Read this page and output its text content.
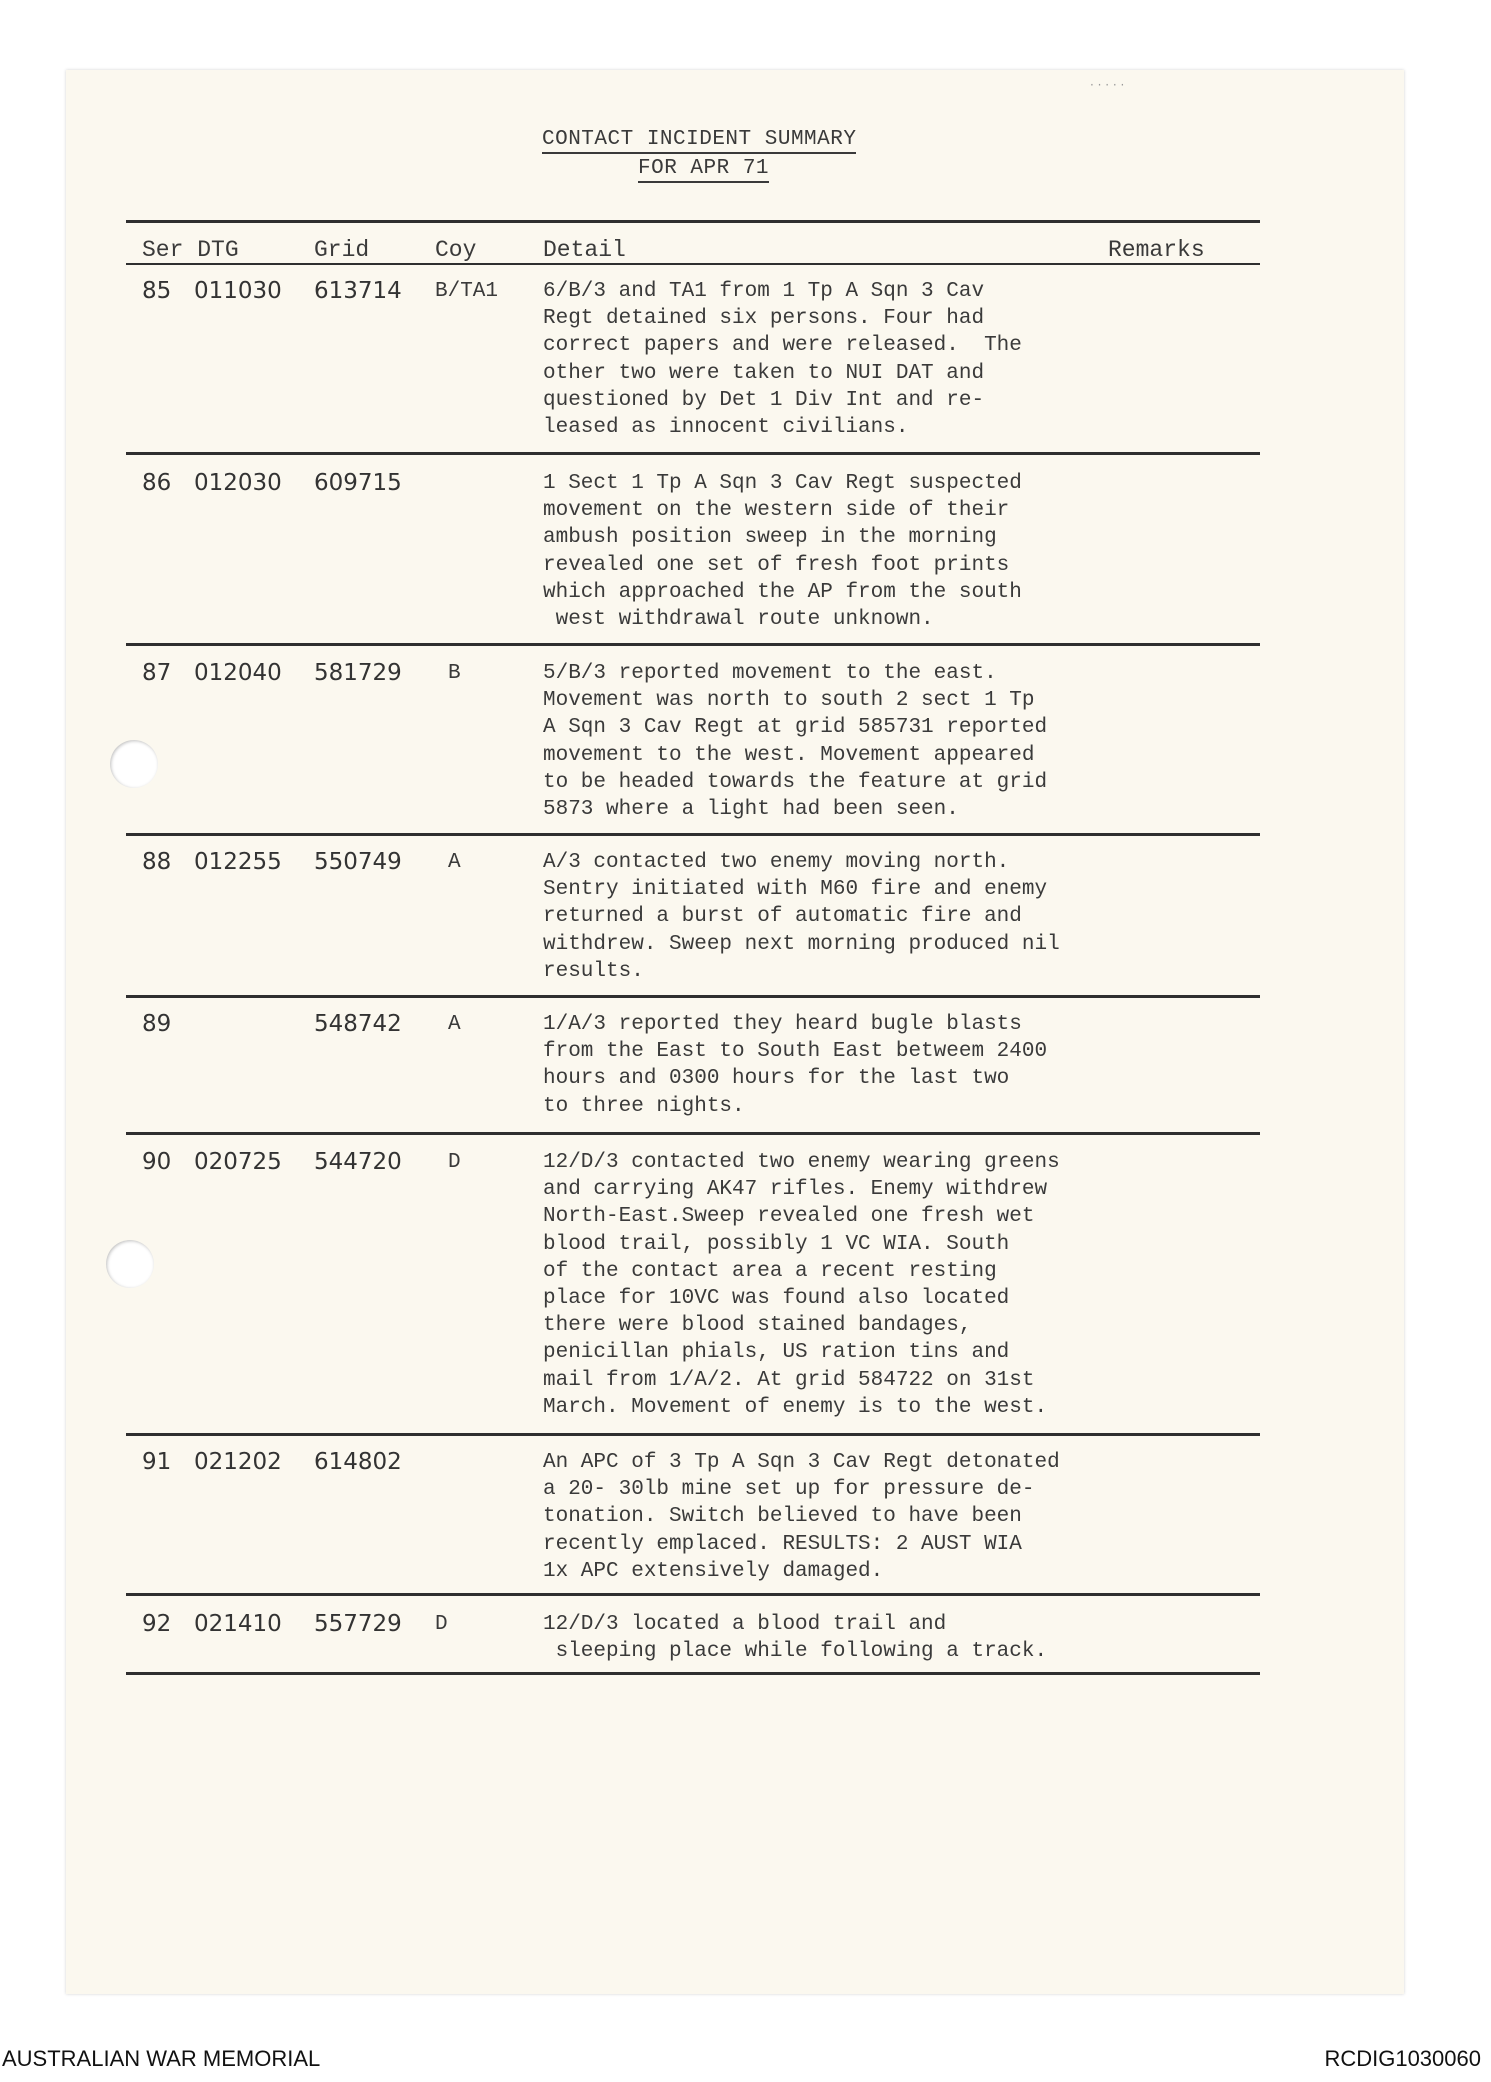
· · · · ·
CONTACT INCIDENT SUMMARY
FOR APR 71
Ser DTG	Grid	Coy	Detail	Remarks
85 011030 613714 B/TA1 6/B/3 and TA1 from 1 Tp A Sqn 3 Cav
Regt detained six persons. Four had
correct papers and were released.  The
other two were taken to NUI DAT and
questioned by Det 1 Div Int and re-
leased as innocent civilians.
86 012030 609715	1 Sect 1 Tp A Sqn 3 Cav Regt suspected
movement on the western side of their
ambush position sweep in the morning
revealed one set of fresh foot prints
which approached the AP from the south
west withdrawal route unknown.
87 012040 581729 B	5/B/3 reported movement to the east.
Movement was north to south 2 sect 1 Tp
A Sqn 3 Cav Regt at grid 585731 reported
movement to the west. Movement appeared
to be headed towards the feature at grid
5873 where a light had been seen.
88 012255 550749 A	A/3 contacted two enemy moving north.
Sentry initiated with M60 fire and enemy
returned a burst of automatic fire and
withdrew. Sweep next morning produced nil
results.
89	548742 A	1/A/3 reported they heard bugle blasts
from the East to South East betweem 2400
hours and 0300 hours for the last two
to three nights.
90 020725 544720 D	12/D/3 contacted two enemy wearing greens
and carrying AK47 rifles. Enemy withdrew
North-East.Sweep revealed one fresh wet
blood trail, possibly 1 VC WIA. South
of the contact area a recent resting
place for 10VC was found also located
there were blood stained bandages,
penicillan phials, US ration tins and
mail from 1/A/2. At grid 584722 on 31st
March. Movement of enemy is to the west.
91 021202 614802	An APC of 3 Tp A Sqn 3 Cav Regt detonated
a 20- 30lb mine set up for pressure de-
tonation. Switch believed to have been
recently emplaced. RESULTS: 2 AUST WIA
1x APC extensively damaged.
92 021410 557729 D	12/D/3 located a blood trail and
sleeping place while following a track.
AUSTRALIAN WAR MEMORIAL	RCDIG1030060
